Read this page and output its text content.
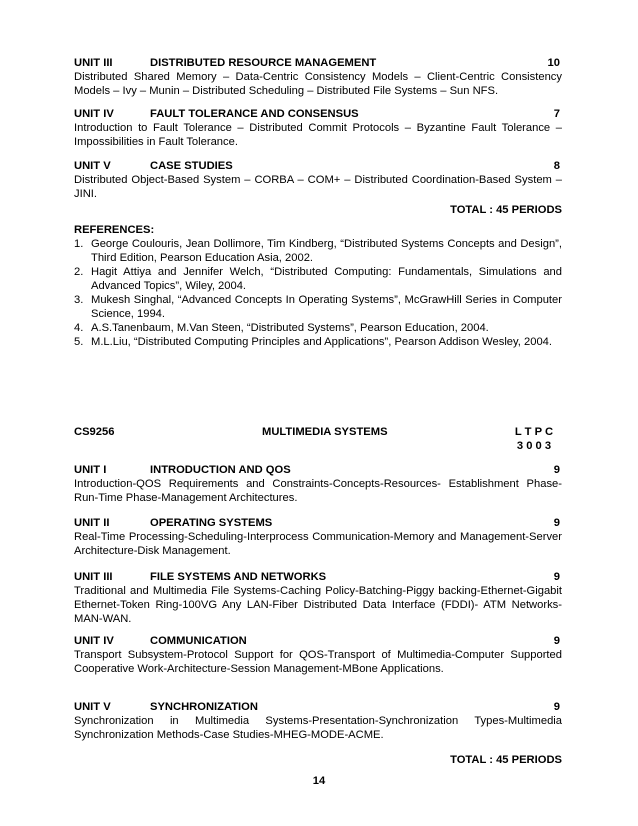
UNIT III	DISTRIBUTED RESOURCE MANAGEMENT	10
Distributed Shared Memory – Data-Centric Consistency Models – Client-Centric Consistency Models – Ivy – Munin – Distributed Scheduling – Distributed File Systems – Sun NFS.
UNIT IV	FAULT TOLERANCE AND CONSENSUS	7
Introduction to Fault Tolerance – Distributed Commit Protocols – Byzantine Fault Tolerance – Impossibilities in Fault Tolerance.
UNIT V	CASE STUDIES	8
Distributed Object-Based System – CORBA – COM+ – Distributed Coordination-Based System – JINI.
TOTAL : 45 PERIODS
REFERENCES:
1. George Coulouris, Jean Dollimore, Tim Kindberg, “Distributed Systems Concepts and Design”, Third Edition, Pearson Education Asia, 2002.
2. Hagit Attiya and Jennifer Welch, “Distributed Computing: Fundamentals, Simulations and Advanced Topics”, Wiley, 2004.
3. Mukesh Singhal, “Advanced Concepts In Operating Systems”, McGrawHill Series in Computer Science, 1994.
4. A.S.Tanenbaum, M.Van Steen, “Distributed Systems”, Pearson Education, 2004.
5. M.L.Liu, “Distributed Computing Principles and Applications”, Pearson Addison Wesley, 2004.
CS9256	MULTIMEDIA SYSTEMS	L T P C
3 0 0 3
UNIT I	INTRODUCTION AND QOS	9
Introduction-QOS Requirements and Constraints-Concepts-Resources- Establishment Phase-Run-Time Phase-Management Architectures.
UNIT II	OPERATING SYSTEMS	9
Real-Time Processing-Scheduling-Interprocess Communication-Memory and Management-Server Architecture-Disk Management.
UNIT III	FILE SYSTEMS AND NETWORKS	9
Traditional and Multimedia File Systems-Caching Policy-Batching-Piggy backing-Ethernet-Gigabit Ethernet-Token Ring-100VG Any LAN-Fiber Distributed Data Interface (FDDI)- ATM Networks-MAN-WAN.
UNIT IV	COMMUNICATION	9
Transport Subsystem-Protocol Support for QOS-Transport of Multimedia-Computer Supported Cooperative Work-Architecture-Session Management-MBone Applications.
UNIT V	SYNCHRONIZATION	9
Synchronization in Multimedia Systems-Presentation-Synchronization Types-Multimedia Synchronization Methods-Case Studies-MHEG-MODE-ACME.
TOTAL : 45 PERIODS
14
